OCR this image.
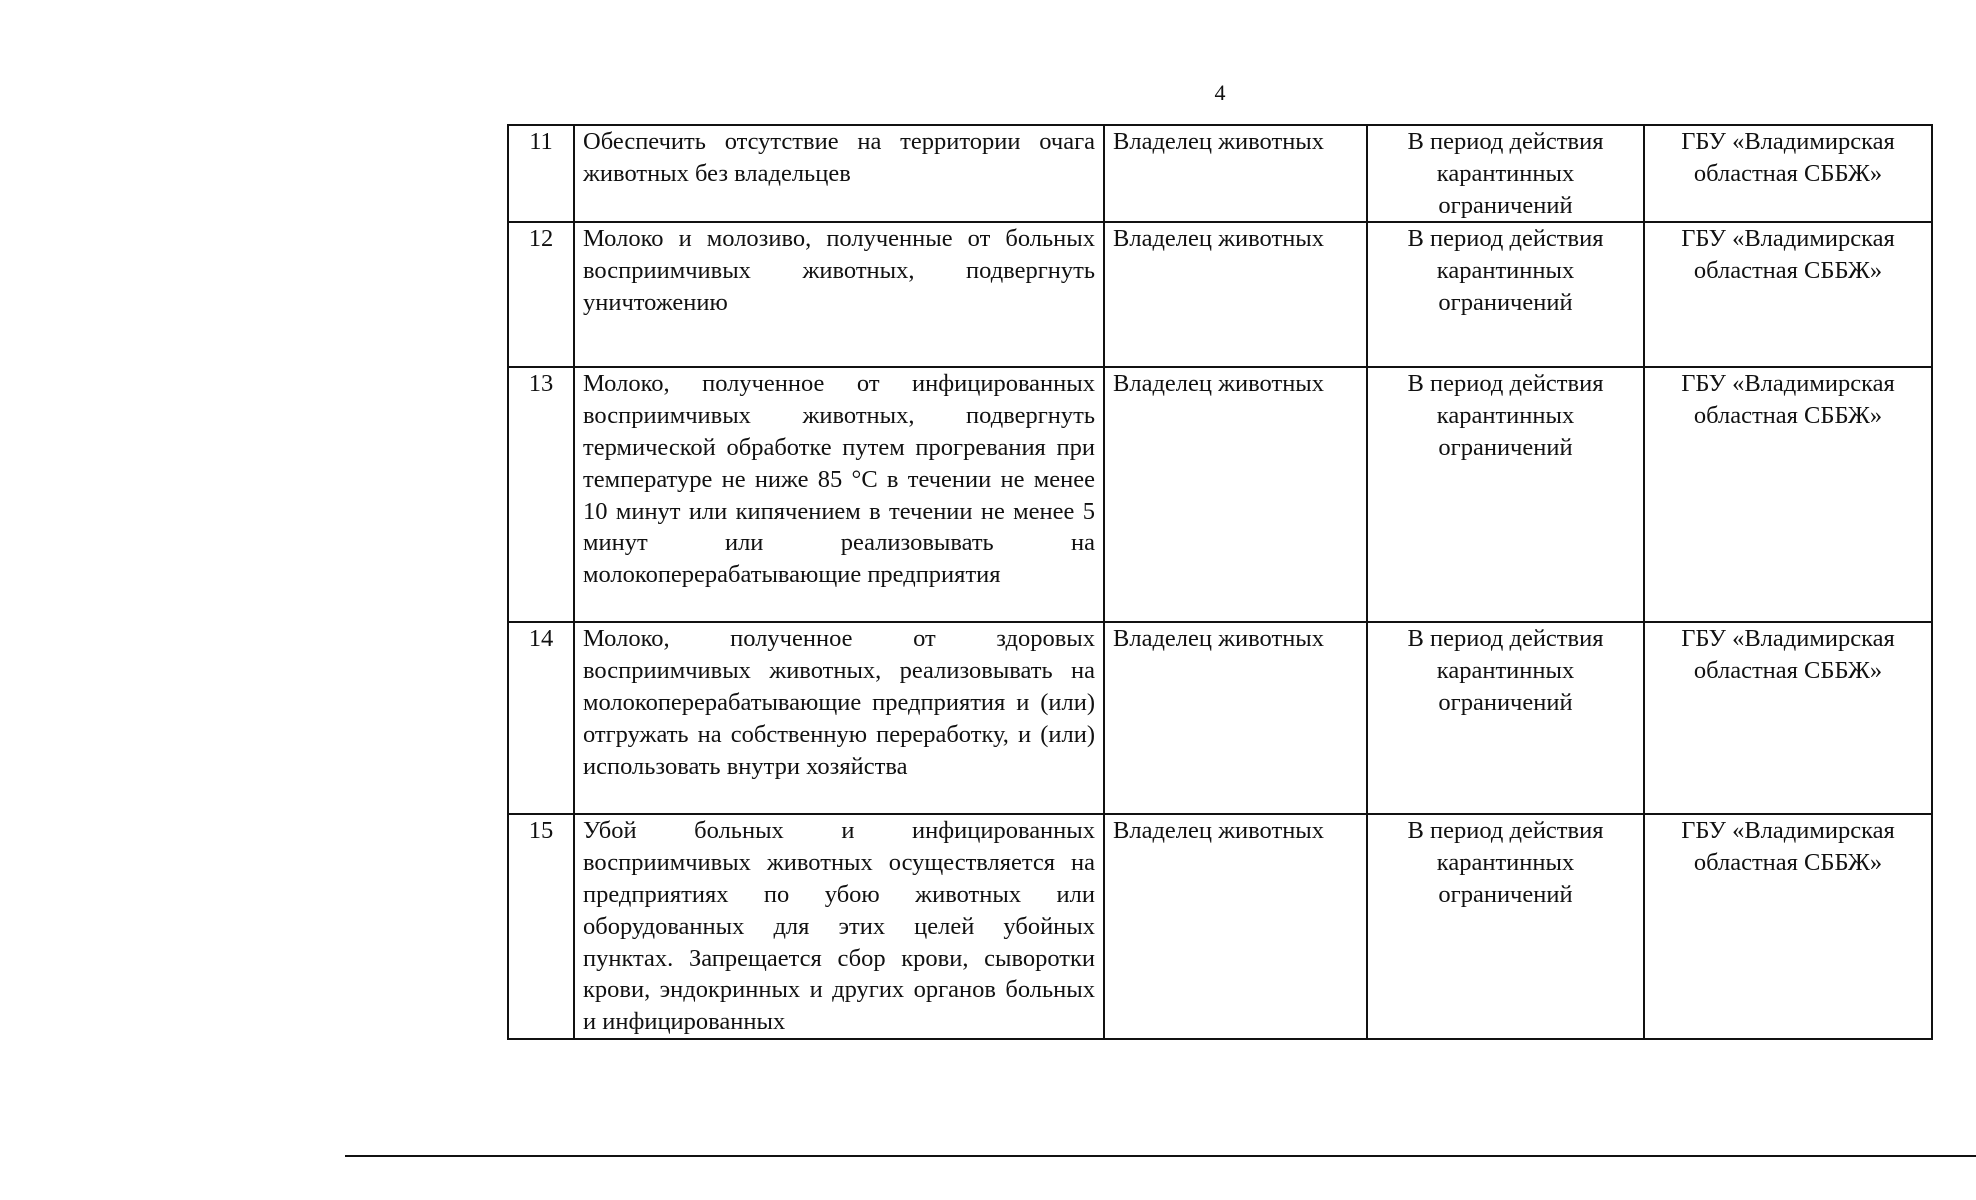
4
11	Обеспечить отсутствие на территории очага животных без владельцев	Владелец животных	В период действия карантинных ограничений	ГБУ «Владимирская областная СББЖ»
12	Молоко и молозиво, полученные от больных восприимчивых животных, подвергнуть уничтожению	Владелец животных	В период действия карантинных ограничений	ГБУ «Владимирская областная СББЖ»
13	Молоко, полученное от инфицированных восприимчивых животных, подвергнуть термической обработке путем прогревания при температуре не ниже 85 °С в течении не менее 10 минут или кипячением в течении не менее 5 минут или реализовывать на молокоперерабатывающие предприятия	Владелец животных	В период действия карантинных ограничений	ГБУ «Владимирская областная СББЖ»
14	Молоко, полученное от здоровых восприимчивых животных, реализовывать на молокоперерабатывающие предприятия и (или) отгружать на собственную переработку, и (или) использовать внутри хозяйства	Владелец животных	В период действия карантинных ограничений	ГБУ «Владимирская областная СББЖ»
15	Убой больных и инфицированных восприимчивых животных осуществляется на предприятиях по убою животных или оборудованных для этих целей убойных пунктах. Запрещается сбор крови, сыворотки крови, эндокринных и других органов больных и инфицированных	Владелец животных	В период действия карантинных ограничений	ГБУ «Владимирская областная СББЖ»
